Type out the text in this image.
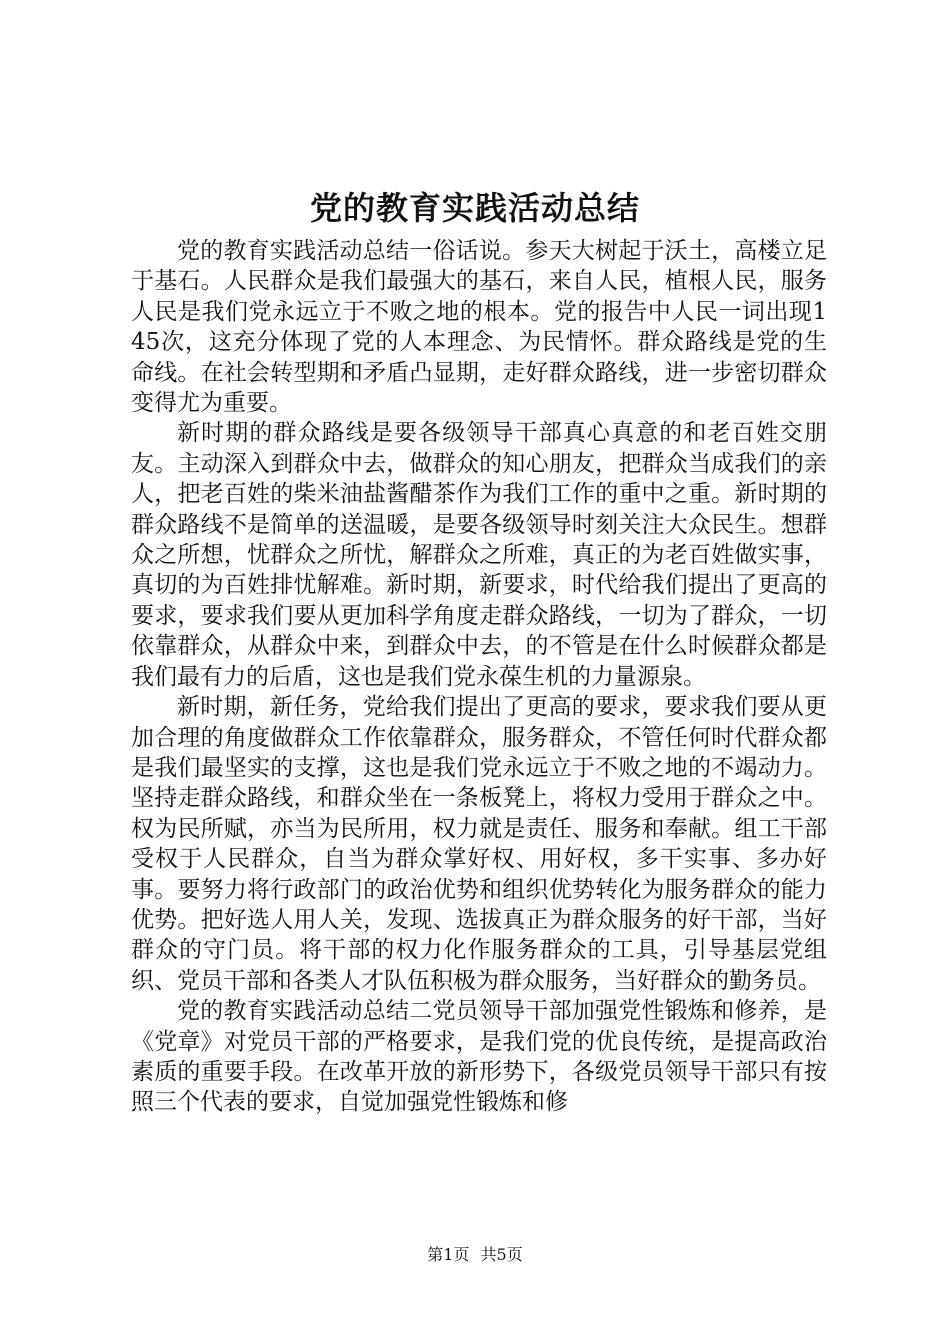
党的教育实践活动总结

党的教育实践活动总结一俗话说。参天大树起于沃土，高楼立足于基石。人民群众是我们最强大的基石，来自人民，植根人民，服务人民是我们党永远立于不败之地的根本。党的报告中人民一词出现145次，这充分体现了党的人本理念、为民情怀。群众路线是党的生命线。在社会转型期和矛盾凸显期，走好群众路线，进一步密切群众变得尤为重要。

新时期的群众路线是要各级领导干部真心真意的和老百姓交朋友。主动深入到群众中去，做群众的知心朋友，把群众当成我们的亲人，把老百姓的柴米油盐酱醋茶作为我们工作的重中之重。新时期的群众路线不是简单的送温暖，是要各级领导时刻关注大众民生。想群众之所想，忧群众之所忧，解群众之所难，真正的为老百姓做实事，真切的为百姓排忧解难。新时期，新要求，时代给我们提出了更高的要求，要求我们要从更加科学角度走群众路线，一切为了群众，一切依靠群众，从群众中来，到群众中去，的不管是在什么时候群众都是我们最有力的后盾，这也是我们党永葆生机的力量源泉。

新时期，新任务，党给我们提出了更高的要求，要求我们要从更加合理的角度做群众工作依靠群众，服务群众，不管任何时代群众都是我们最坚实的支撑，这也是我们党永远立于不败之地的不竭动力。坚持走群众路线，和群众坐在一条板凳上，将权力受用于群众之中。权为民所赋，亦当为民所用，权力就是责任、服务和奉献。组工干部受权于人民群众，自当为群众掌好权、用好权，多干实事、多办好事。要努力将行政部门的政治优势和组织优势转化为服务群众的能力优势。把好选人用人关，发现、选拔真正为群众服务的好干部，当好群众的守门员。将干部的权力化作服务群众的工具，引导基层党组织、党员干部和各类人才队伍积极为群众服务，当好群众的勤务员。

党的教育实践活动总结二党员领导干部加强党性锻炼和修养，是《党章》对党员干部的严格要求，是我们党的优良传统，是提高政治素质的重要手段。在改革开放的新形势下，各级党员领导干部只有按照三个代表的要求，自觉加强党性锻炼和修

第1页 共5页
